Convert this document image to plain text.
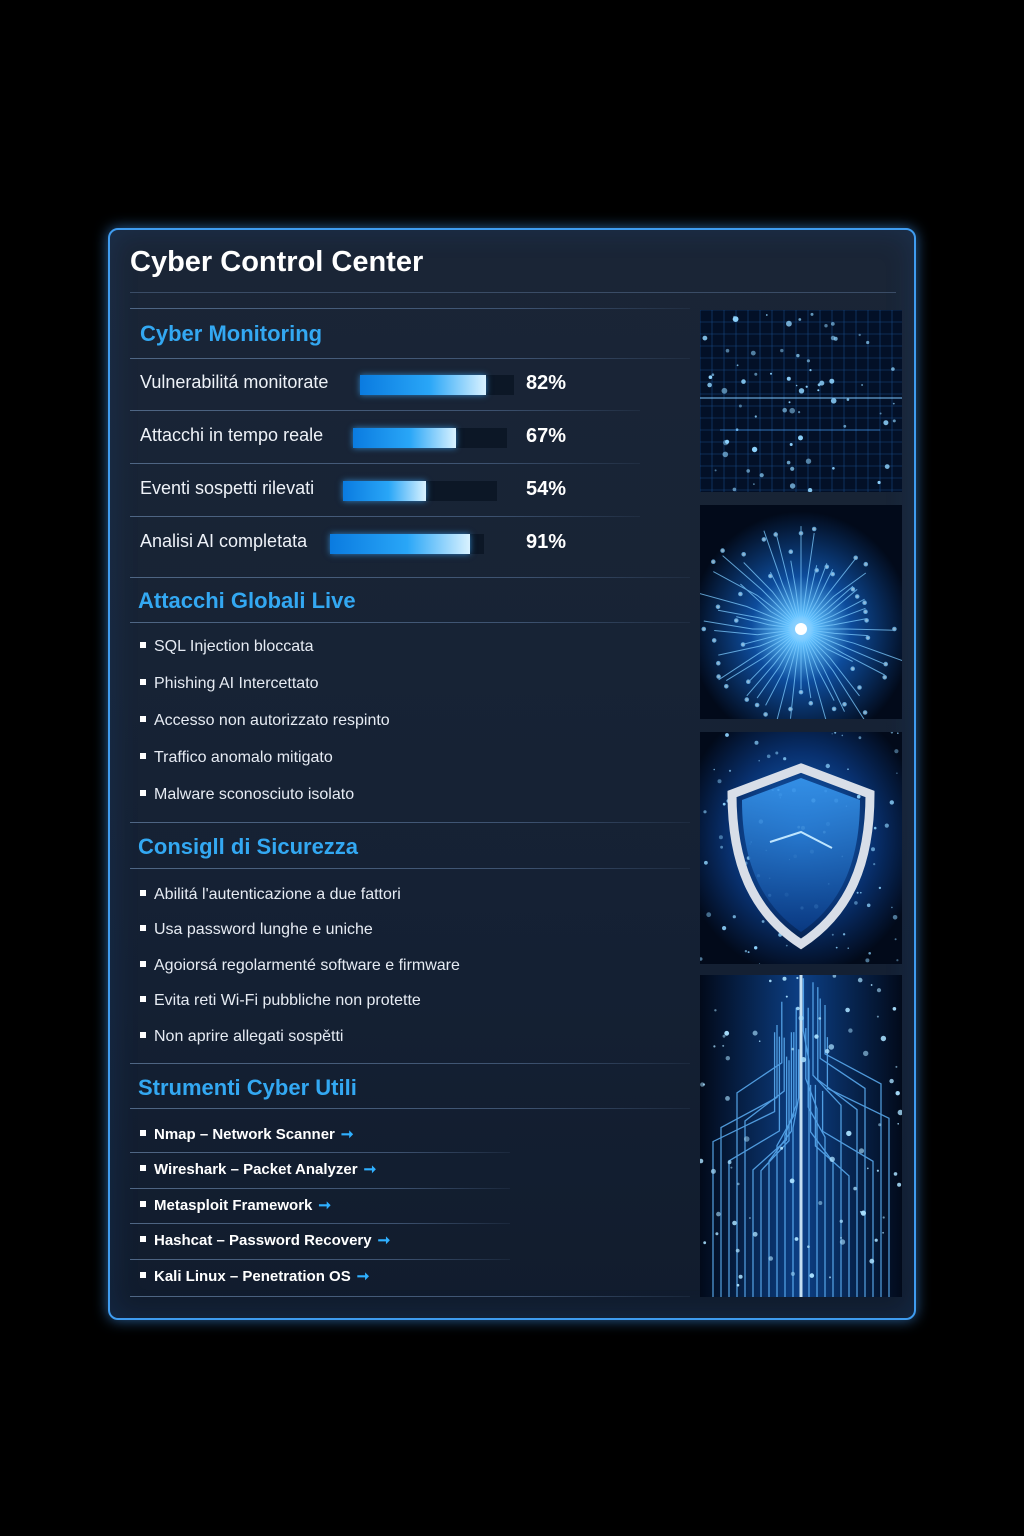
Cyber Control Center
Cyber Monitoring
Vulnerabilitá monitorate	82%
Attacchi in tempo reale	67%
Eventi sospetti rilevati	54%
Analisi AI completata	91%
Attacchi Globali Live
SQL Injection bloccata
Phishing AI Intercettato
Accesso non autorizzato respinto
Traffico anomalo mitigato
Malware sconosciuto isolato
Consigll di Sicurezza
Abilitá l'autenticazione a due fattori
Usa password lunghe e uniche
Agoiorsá regolarmenté software e firmware
Evita reti Wi-Fi pubbliche non protette
Non aprire allegati sospětti
Strumenti Cyber Utili
Nmap – Network Scanner ➞
Wireshark – Packet Analyzer ➞
Metasploit Framework ➞
Hashcat – Password Recovery ➞
Kali Linux – Penetration OS ➞
